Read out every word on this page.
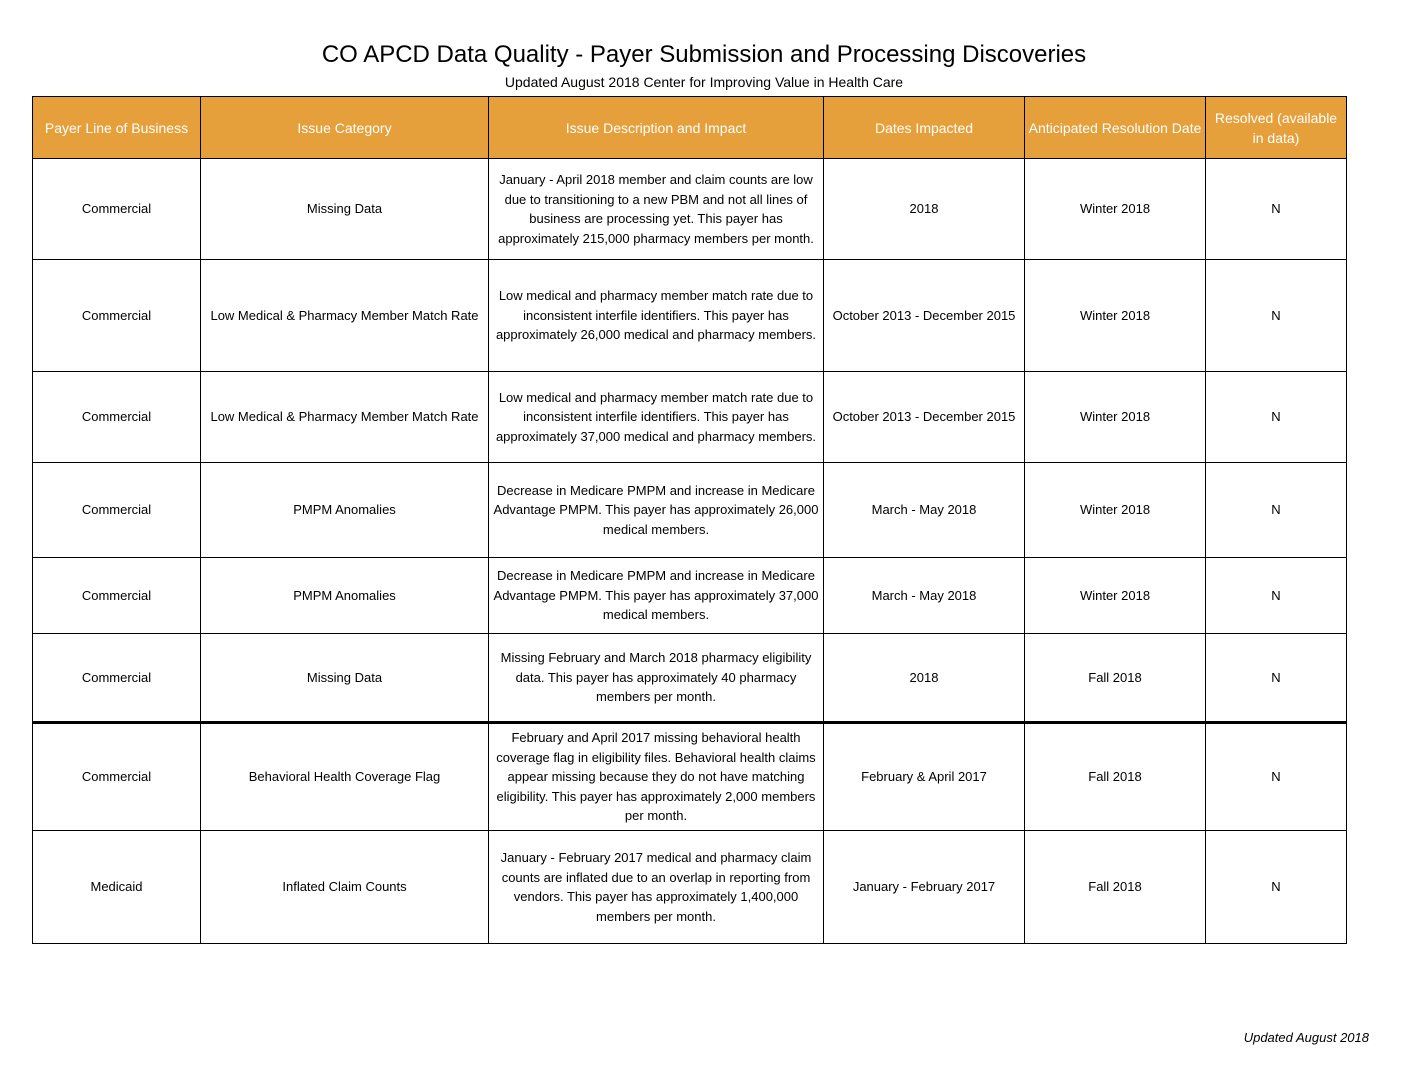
CO APCD Data Quality - Payer Submission and Processing Discoveries
Updated August 2018 Center for Improving Value in Health Care
Payer Line of Business	Issue Category	Issue Description and Impact	Dates Impacted	Anticipated Resolution Date	Resolved (available in data)
Commercial	Missing Data	January - April 2018 member and claim counts are low due to transitioning to a new PBM and not all lines of business are processing yet. This payer has approximately 215,000 pharmacy members per month.	2018	Winter 2018	N
Commercial	Low Medical & Pharmacy Member Match Rate	Low medical and pharmacy member match rate due to inconsistent interfile identifiers. This payer has approximately 26,000 medical and pharmacy members.	October 2013 - December 2015	Winter 2018	N
Commercial	Low Medical & Pharmacy Member Match Rate	Low medical and pharmacy member match rate due to inconsistent interfile identifiers. This payer has approximately 37,000 medical and pharmacy members.	October 2013 - December 2015	Winter 2018	N
Commercial	PMPM Anomalies	Decrease in Medicare PMPM and increase in Medicare Advantage PMPM. This payer has approximately 26,000 medical members.	March - May 2018	Winter 2018	N
Commercial	PMPM Anomalies	Decrease in Medicare PMPM and increase in Medicare Advantage PMPM. This payer has approximately 37,000 medical members.	March - May 2018	Winter 2018	N
Commercial	Missing Data	Missing February and March 2018 pharmacy eligibility data. This payer has approximately 40 pharmacy members per month.	2018	Fall 2018	N
Commercial	Behavioral Health Coverage Flag	February and April 2017 missing behavioral health coverage flag in eligibility files. Behavioral health claims appear missing because they do not have matching eligibility. This payer has approximately 2,000 members per month.	February & April 2017	Fall 2018	N
Medicaid	Inflated Claim Counts	January - February 2017 medical and pharmacy claim counts are inflated due to an overlap in reporting from vendors. This payer has approximately 1,400,000 members per month.	January - February 2017	Fall 2018	N
Updated August 2018
